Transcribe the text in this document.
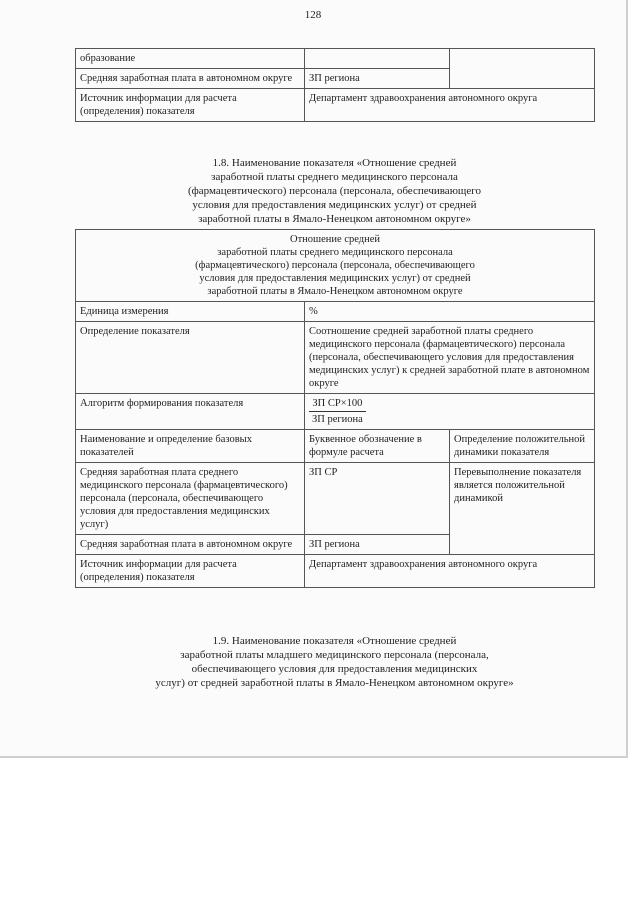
128
образование		
Средняя заработная плата в автономном округе	ЗП региона	
Источник информации для расчета (определения) показателя	Департамент здравоохранения автономного округа	
1.8. Наименование показателя «Отношение средней
заработной платы среднего медицинского персонала
(фармацевтического) персонала (персонала, обеспечивающего
условия для предоставления медицинских услуг) от средней
заработной платы в Ямало-Ненецком автономном округе»
Отношение средней
заработной платы среднего медицинского персонала
(фармацевтического) персонала (персонала, обеспечивающего
условия для предоставления медицинских услуг) от средней
заработной платы в Ямало-Ненецком автономном округе		
Единица измерения	%	
Определение показателя	Соотношение средней заработной платы среднего медицинского персонала (фармацевтического) персонала (персонала, обеспечивающего условия для предоставления медицинских услуг) к средней заработной плате в автономном округе	
Алгоритм формирования показателя	$\frac{\text{ЗП СР×100}}{\text{ЗП региона}}$

Наименование и определение базовых показателей	Буквенное обозначение в формуле расчета	Определение положительной динамики показателя
Средняя заработная плата среднего медицинского персонала (фармацевтического) персонала (персонала, обеспечивающего условия для предоставления медицинских услуг)	ЗП СР	Перевыполнение показателя является положительной динамикой
Средняя заработная плата в автономном округе	ЗП региона	
Источник информации для расчета (определения) показателя	Департамент здравоохранения автономного округа	
1.9. Наименование показателя «Отношение средней
заработной платы младшего медицинского персонала (персонала,
обеспечивающего условия для предоставления медицинских
услуг) от средней заработной платы в Ямало-Ненецком автономном округе»
